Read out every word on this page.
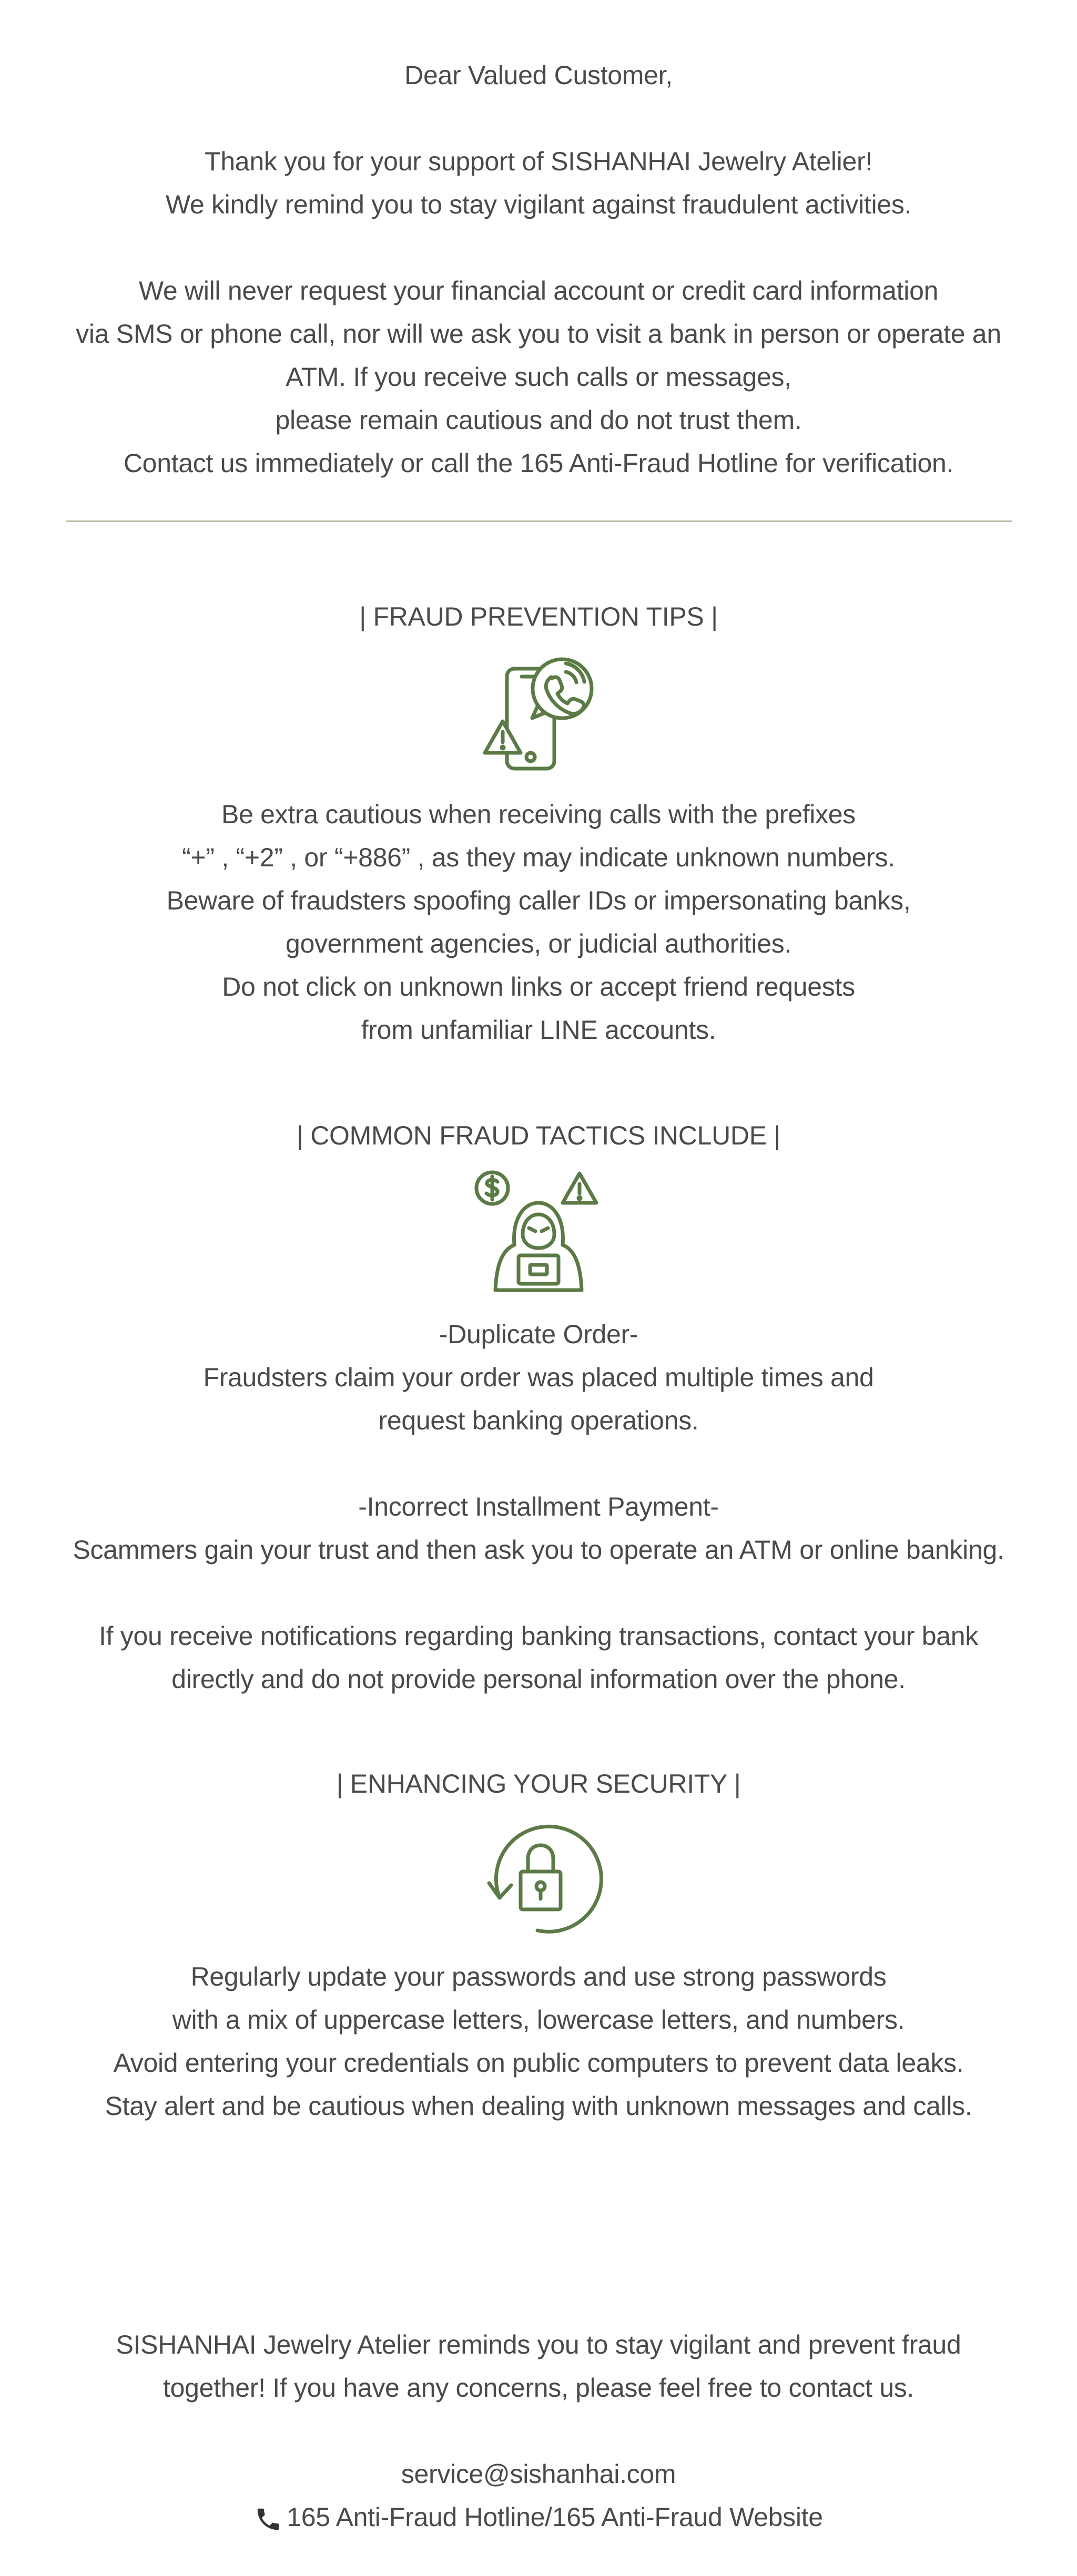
Dear Valued Customer,
Thank you for your support of SISHANHAI Jewelry Atelier!
We kindly remind you to stay vigilant against fraudulent activities.
We will never request your financial account or credit card information
via SMS or phone call, nor will we ask you to visit a bank in person or operate an
ATM. If you receive such calls or messages,
please remain cautious and do not trust them.
Contact us immediately or call the 165 Anti-Fraud Hotline for verification.
| FRAUD PREVENTION TIPS |
Be extra cautious when receiving calls with the prefixes
“+” , “+2” , or “+886” , as they may indicate unknown numbers.
Beware of fraudsters spoofing caller IDs or impersonating banks,
government agencies, or judicial authorities.
Do not click on unknown links or accept friend requests
from unfamiliar LINE accounts.
| COMMON FRAUD TACTICS INCLUDE |
-Duplicate Order-
Fraudsters claim your order was placed multiple times and
request banking operations.
-Incorrect Installment Payment-
Scammers gain your trust and then ask you to operate an ATM or online banking.
If you receive notifications regarding banking transactions, contact your bank
directly and do not provide personal information over the phone.
| ENHANCING YOUR SECURITY |
Regularly update your passwords and use strong passwords
with a mix of uppercase letters, lowercase letters, and numbers.
Avoid entering your credentials on public computers to prevent data leaks.
Stay alert and be cautious when dealing with unknown messages and calls.
SISHANHAI Jewelry Atelier reminds you to stay vigilant and prevent fraud
together! If you have any concerns, please feel free to contact us.
service@sishanhai.com
165 Anti-Fraud Hotline/165 Anti-Fraud Website
